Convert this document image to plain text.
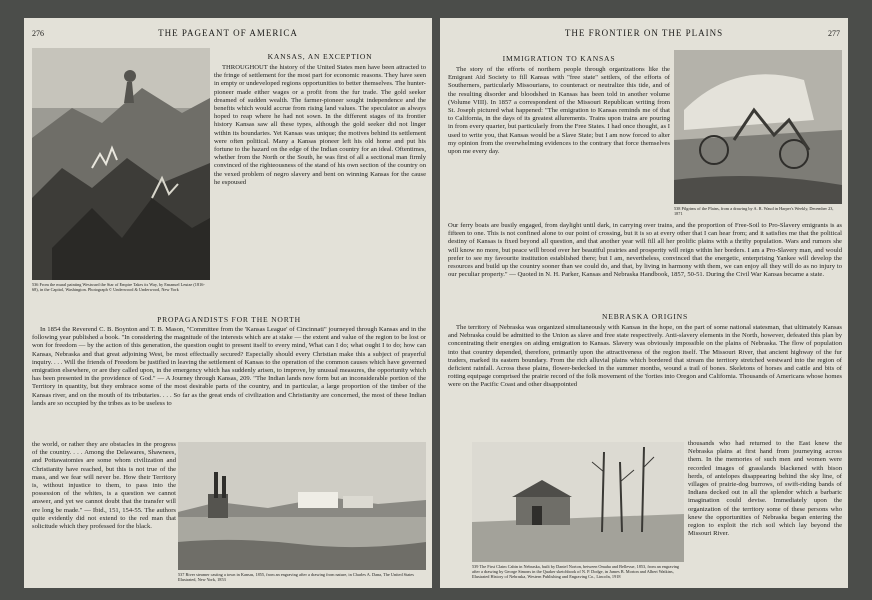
276	THE PAGEANT OF AMERICA
536 From the mural painting Westward the Star of Empire Takes its Way, by Emanuel Leutze (1816-68), in the Capitol, Washington. Photograph © Underwood & Underwood, New York
KANSAS, AN EXCEPTION

THROUGHOUT the history of the United States men have been attracted to the fringe of settlement for the most part for economic reasons. They have seen in empty or undeveloped regions opportunities to better themselves. The hunter-pioneer made either wages or a profit from the fur trade. The gold seeker dreamed of sudden wealth. The farmer-pioneer sought independence and the benefits which would accrue from rising land values. The speculator as always hoped to reap where he had not sown. In the different stages of its frontier history Kansas saw all these types, although the gold seeker did not linger within its boundaries. Yet Kansas was unique; the motives behind its settlement were often political. Many a Kansas pioneer left his old home and put his fortune to the hazard on the edge of the Indian country for an ideal. Oftentimes, whether from the North or the South, he was first of all a sectional man firmly convinced of the righteousness of the stand of his own section of the country on the vexed problem of negro slavery and bent on winning Kansas for the cause he espoused

PROPAGANDISTS FOR THE NORTH

In 1854 the Reverend C. B. Boynton and T. B. Mason, "Committee from the 'Kansas League' of Cincinnati" journeyed through Kansas and in the following year published a book. "In considering the magnitude of the interests which are at stake — the extent and value of the region to be lost or won for freedom — by the action of this generation, the question ought to present itself to every mind, What can I do; what ought I to do; how can Kansas, Nebraska and that great adjoining West, be most effectually secured? Especially should every Christian make this a subject of prayerful inquiry. . . . Will the friends of Freedom be justified in leaving the settlement of Kansas to the operation of the common causes which have governed emigration elsewhere, or are they called upon, in the emergency which has suddenly arisen, to improve, by unusual measures, the opportunity which has been presented in the providence of God." — A Journey through Kansas, 209. "The Indian lands now form but an inconsiderable portion of the Territory in quantity, but they embrace some of the most desirable parts of the country, and in particular, a large proportion of the timber of the Kansas river, and on the mouth of its tributaries. . . . So far as the great ends of civilization and Christianity are concerned, the most of these Indian lands are so occupied by the tribes as to be useless to

the world, or rather they are obstacles in the progress of the country. . . . Among the Delawares, Shawnees, and Pottawatomies are some whom civilization and Christianity have reached, but this is not true of the mass, and we fear will never be. How their Territory is, without injustice to them, to pass into the possession of the whites, is a question we cannot answer, and yet we cannot doubt that the transfer will ere long be made." — Ibid., 151, 154-55. The authors quite evidently did not extend to the red man that solicitude which they professed for the black.

537 River steamer casting a town in Kansas, 1855, from an engraving after a drawing from nature, in Charles A. Dana, The United States Illustrated, New York, 1853
THE FRONTIER ON THE PLAINS	277
IMMIGRATION TO KANSAS

The story of the efforts of northern people through organizations like the Emigrant Aid Society to fill Kansas with "free state" settlers, of the efforts of Southerners, particularly Missourians, to counteract or neutralize this tide, and of the resulting disorder and bloodshed in Kansas has been told in another volume (Volume VIII). In 1857 a correspondent of the Missouri Republican writing from St. Joseph pictured what happened: "The emigration to Kansas reminds me of that to California, in the days of its greatest allurements. Trains upon trains are pouring in from every quarter, but particularly from the Free States. I had once thought, as I used to write you, that Kansas would be a Slave State; but I am now forced to alter my opinion from the overwhelming evidences to the contrary that force themselves upon me every day.

538 Pilgrims of the Plains, from a drawing by A. R. Waud in Harper's Weekly, December 23, 1871

Our ferry boats are busily engaged, from daylight until dark, in carrying over trains, and the proportion of Free-Soil to Pro-Slavery emigrants is as fifteen to one. This is not confined alone to our point of crossing, but it is so at every other that I can hear from; and it satisfies me that the political destiny of Kansas is fixed beyond all question, and that another year will fill all her prolific plains with a thrifty population. Wars and rumors she will know no more, but peace will brood over her beautiful prairies and prosperity will reign within her borders. I am a Pro-Slavery man, and would prefer to see my favourite institution established there; but I am, nevertheless, convinced that the energetic, enterprising Yankee will develop the resources and build up the country sooner than we could do, and that, by living in harmony with them, we can enjoy all they will do as no injury to our peculiar property." — Quoted in N. H. Parker, Kansas and Nebraska Handbook, 1857, 50-51. During the Civil War Kansas became a state.

NEBRASKA ORIGINS

The territory of Nebraska was organized simultaneously with Kansas in the hope, on the part of some national statesman, that ultimately Kansas and Nebraska could be admitted to the Union as slave and free state respectively. Anti-slavery elements in the North, however, defeated this plan by concentrating their energies on aiding emigration to Kansas. Slavery was obviously impossible on the plains of Nebraska. The flow of population into that country depended, therefore, primarily upon the attractiveness of the region itself. The Missouri River, that ancient highway of the fur traders, marked its eastern boundary. From the rich alluvial plains which bordered that stream the territory stretched westward into the region of deficient rainfall. Across these plains, flower-bedecked in the summer months, wound a trail of bones. Skeletons of horses and cattle and bits of rotting equipage comprised the prairie record of the folk movement of the 'forties into Oregon and California. Thousands of Americans whose homes were on the Pacific Coast and other disappointed

539 The First Claim Cabin in Nebraska, built by Daniel Norton, between Omaha and Bellevue, 1853, from an engraving after a drawing by George Simons in the Quaker sketchbook of N. P. Dodge, in James B. Morton and Albert Watkins, Illustrated History of Nebraska, Western Publishing and Engraving Co., Lincoln, 1918

thousands who had returned to the East knew the Nebraska plains at first hand from journeying across them. In the memories of such men and women were recorded images of grasslands blackened with bison herds, of antelopes disappearing behind the sky line, of villages of prairie-dog burrows, of swift-riding bands of Indians decked out in all the splendor which a barbaric imagination could devise. Immediately upon the organization of the territory some of these persons who knew the opportunities of Nebraska began entering the region to exploit the rich soil which lay beyond the Missouri River.
